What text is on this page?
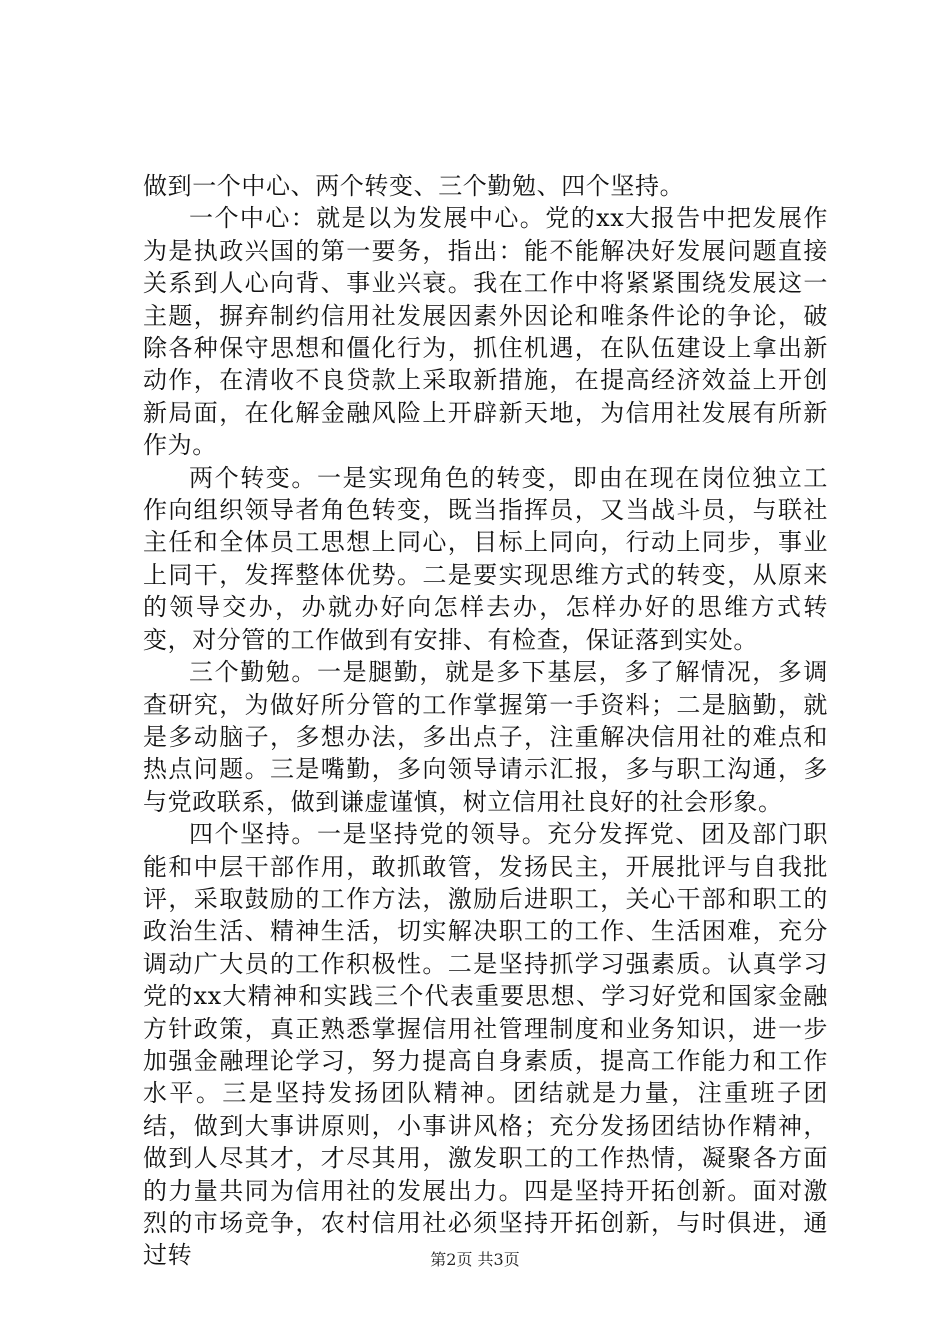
做到一个中心、两个转变、三个勤勉、四个坚持。

一个中心：就是以为发展中心。党的xx大报告中把发展作为是执政兴国的第一要务，指出：能不能解决好发展问题直接关系到人心向背、事业兴衰。我在工作中将紧紧围绕发展这一主题，摒弃制约信用社发展因素外因论和唯条件论的争论，破除各种保守思想和僵化行为，抓住机遇，在队伍建设上拿出新动作，在清收不良贷款上采取新措施，在提高经济效益上开创新局面，在化解金融风险上开辟新天地，为信用社发展有所新作为。

两个转变。一是实现角色的转变，即由在现在岗位独立工作向组织领导者角色转变，既当指挥员，又当战斗员，与联社主任和全体员工思想上同心，目标上同向，行动上同步，事业上同干，发挥整体优势。二是要实现思维方式的转变，从原来的领导交办，办就办好向怎样去办，怎样办好的思维方式转变，对分管的工作做到有安排、有检查，保证落到实处。

三个勤勉。一是腿勤，就是多下基层，多了解情况，多调查研究，为做好所分管的工作掌握第一手资料；二是脑勤，就是多动脑子，多想办法，多出点子，注重解决信用社的难点和热点问题。三是嘴勤，多向领导请示汇报，多与职工沟通，多与党政联系，做到谦虚谨慎，树立信用社良好的社会形象。

四个坚持。一是坚持党的领导。充分发挥党、团及部门职能和中层干部作用，敢抓敢管，发扬民主，开展批评与自我批评，采取鼓励的工作方法，激励后进职工，关心干部和职工的政治生活、精神生活，切实解决职工的工作、生活困难，充分调动广大员的工作积极性。二是坚持抓学习强素质。认真学习党的xx大精神和实践三个代表重要思想、学习好党和国家金融方针政策，真正熟悉掌握信用社管理制度和业务知识，进一步加强金融理论学习，努力提高自身素质，提高工作能力和工作水平。三是坚持发扬团队精神。团结就是力量，注重班子团结，做到大事讲原则，小事讲风格；充分发扬团结协作精神，做到人尽其才，才尽其用，激发职工的工作热情，凝聚各方面的力量共同为信用社的发展出力。四是坚持开拓创新。面对激烈的市场竞争，农村信用社必须坚持开拓创新，与时俱进，通过转	第2页 共3页
